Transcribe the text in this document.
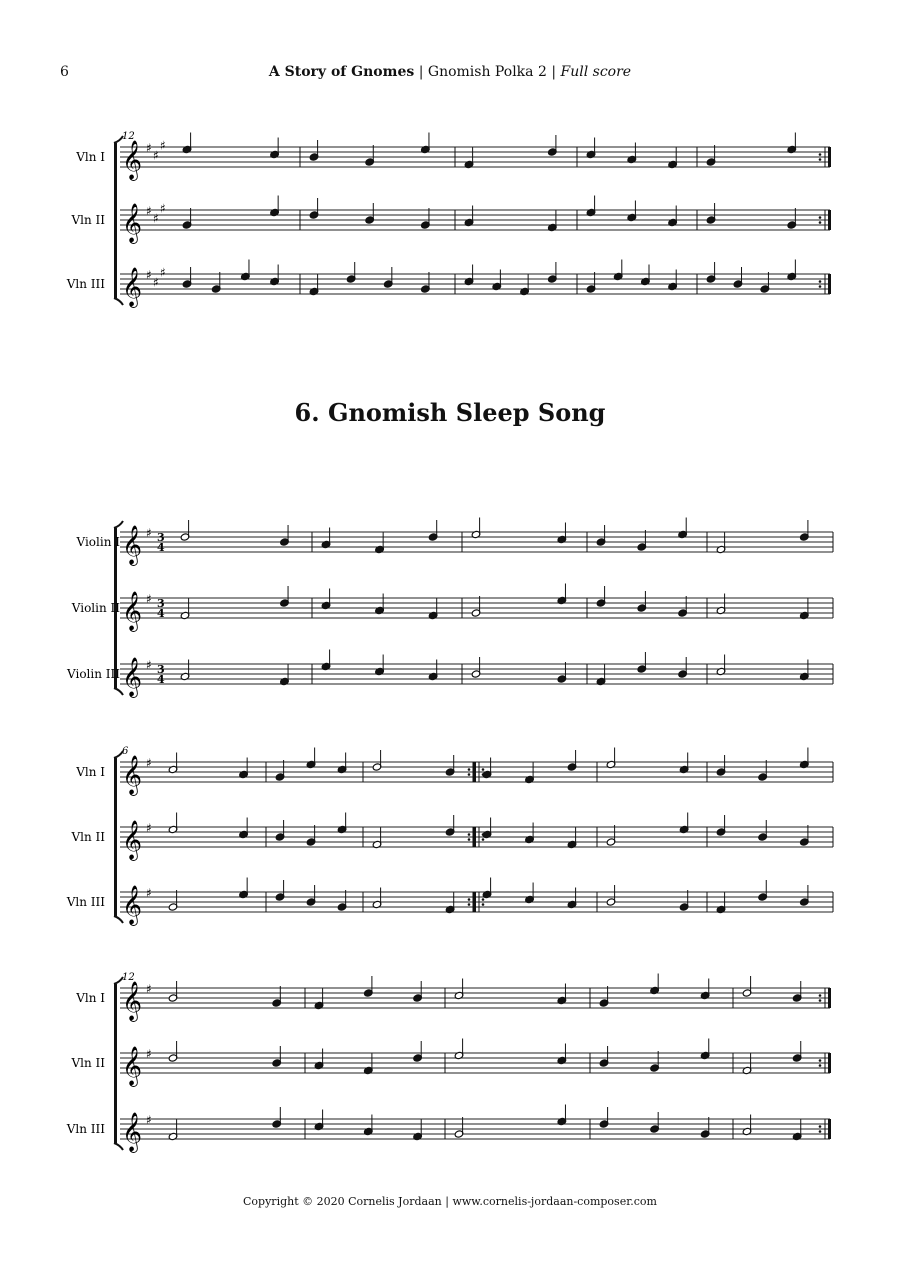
6	A Story of Gnomes | Gnomish Polka 2 | Full score
6. Gnomish Sleep Song
12
Vln I 𝄞 ♯
♯
♯
Vln II 𝄞 ♯
♯
♯
Vln III 𝄞 ♯
♯
♯
Violin I 𝄞 ♯ 3
4
Violin II 𝄞 ♯ 3
4
Violin III 𝄞 ♯ 3
4
6
Vln I 𝄞 ♯
Vln II 𝄞 ♯
Vln III 𝄞 ♯
12
Vln I 𝄞 ♯
Vln II 𝄞 ♯
Vln III 𝄞 ♯
Copyright © 2020 Cornelis Jordaan | www.cornelis-jordaan-composer.com
